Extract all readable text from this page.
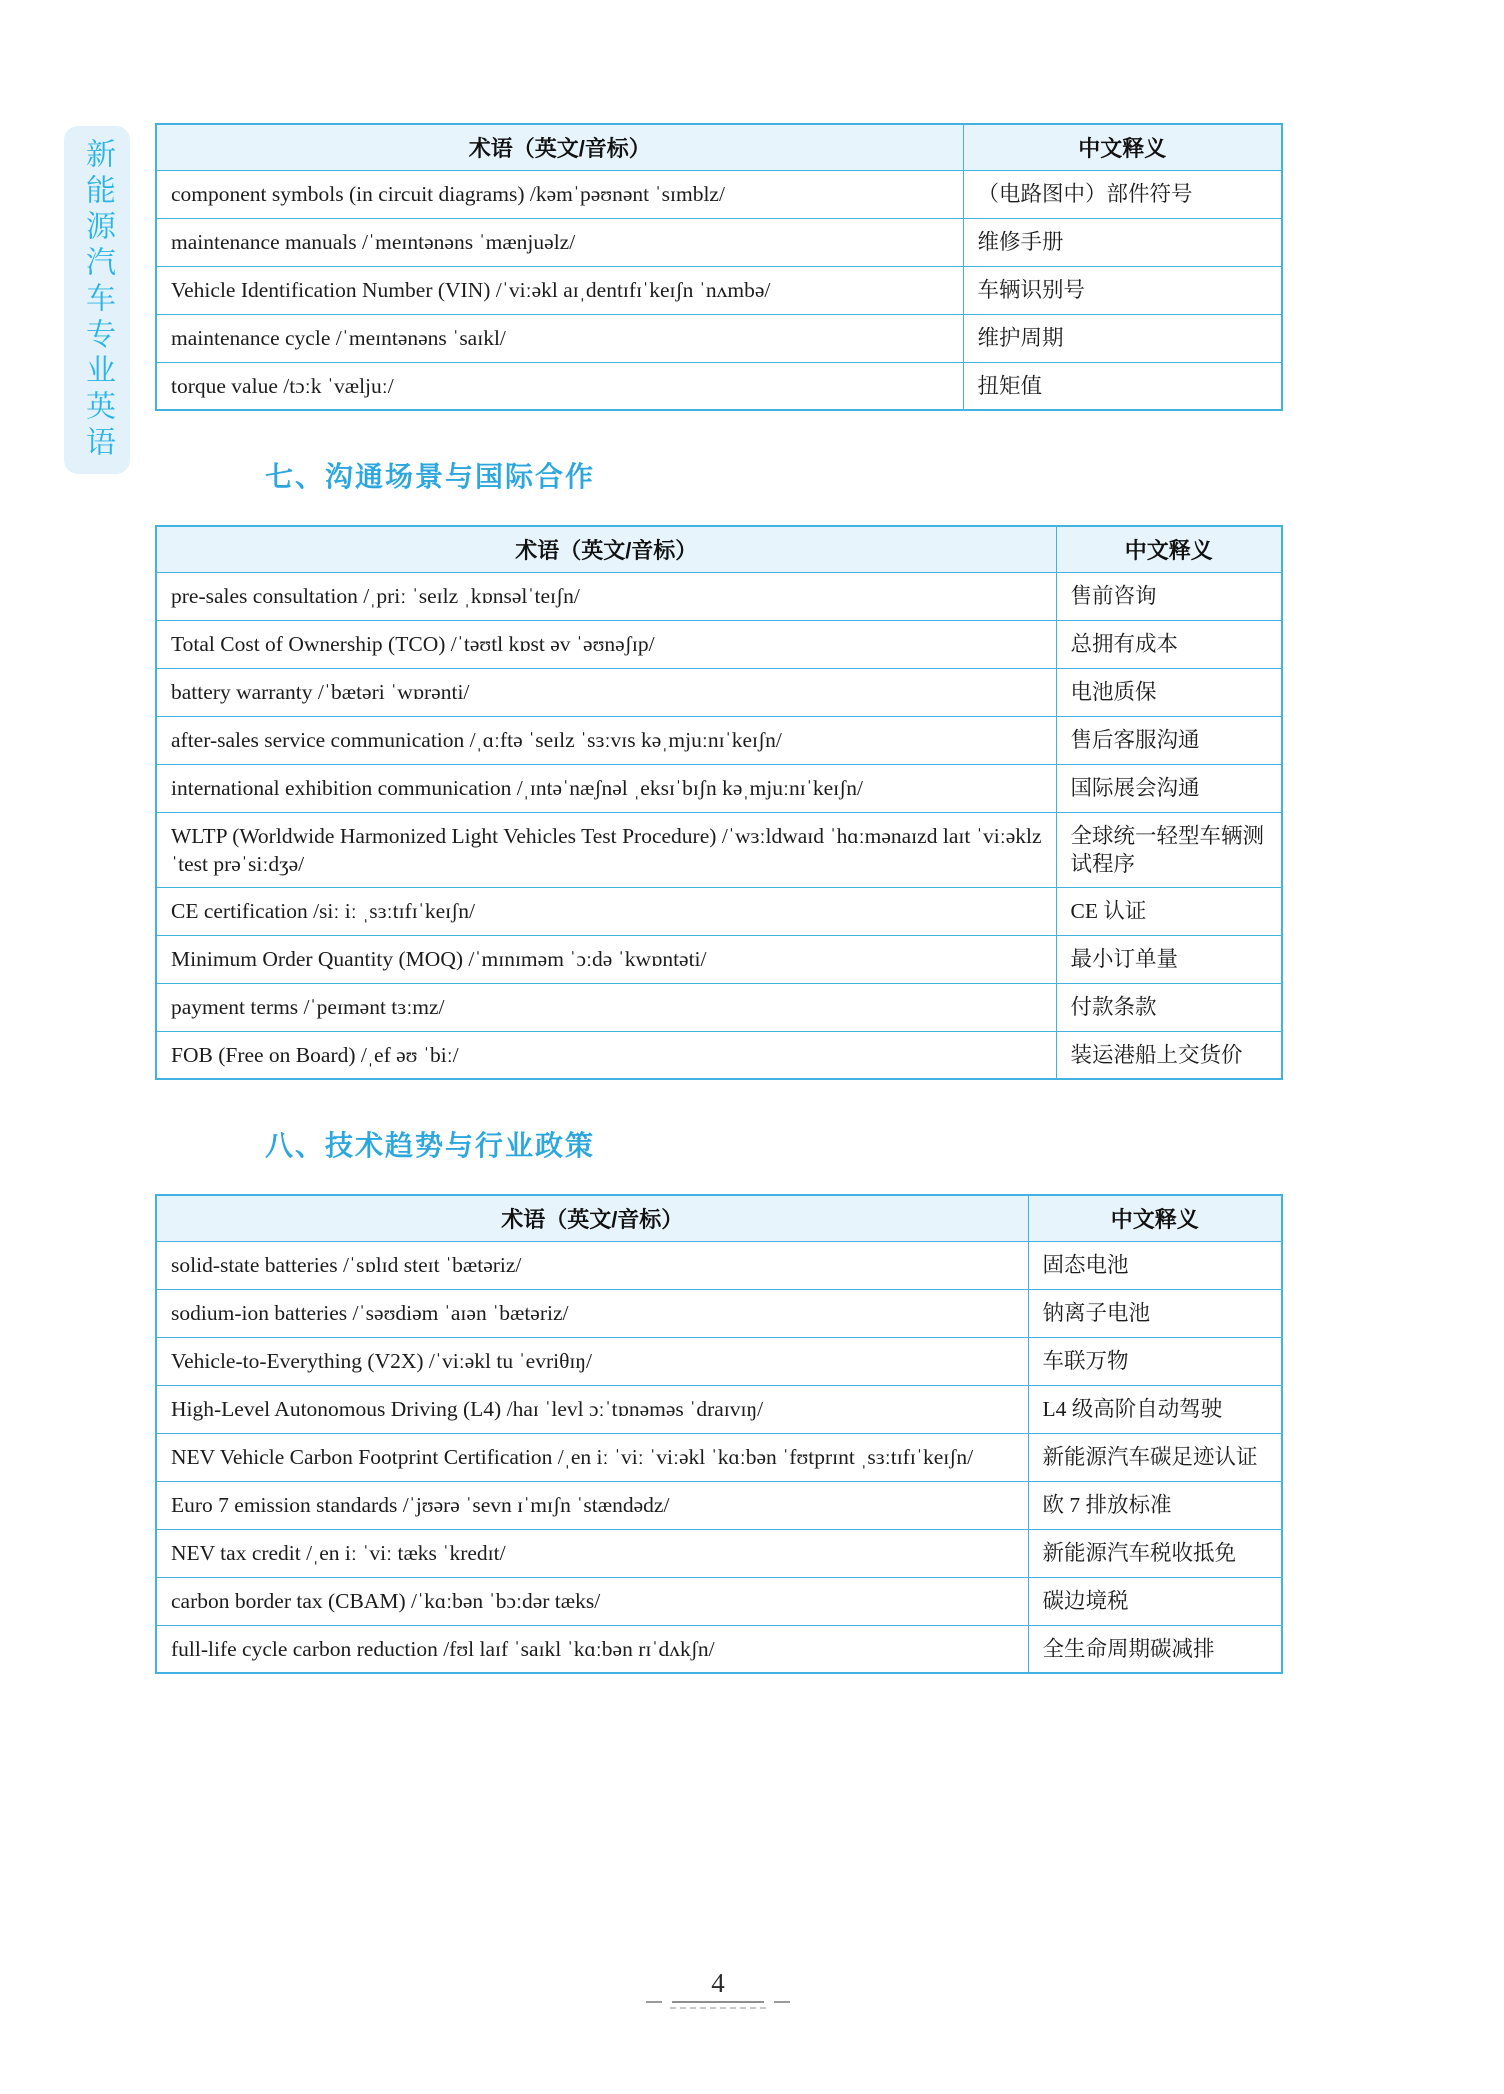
新能源汽车专业英语	术语（英文/音标）	中文释义
component symbols (in circuit diagrams) /kəmˈpəʊnənt ˈsɪmblz/	（电路图中）部件符号
maintenance manuals /ˈmeɪntənəns ˈmænjuəlz/	维修手册
Vehicle Identification Number (VIN) /ˈviːəkl aɪˌdentɪfɪˈkeɪʃn ˈnʌmbə/	车辆识别号
maintenance cycle /ˈmeɪntənəns ˈsaɪkl/	维护周期
torque value /tɔːk ˈvæljuː/	扭矩值
七、沟通场景与国际合作
术语（英文/音标）	中文释义
pre-sales consultation /ˌpriː ˈseɪlz ˌkɒnsəlˈteɪʃn/	售前咨询
Total Cost of Ownership (TCO) /ˈtəʊtl kɒst əv ˈəʊnəʃɪp/	总拥有成本
battery warranty /ˈbætəri ˈwɒrənti/	电池质保
after-sales service communication /ˌɑːftə ˈseɪlz ˈsɜːvɪs kəˌmjuːnɪˈkeɪʃn/	售后客服沟通
international exhibition communication /ˌɪntəˈnæʃnəl ˌeksɪˈbɪʃn kəˌmjuːnɪˈkeɪʃn/	国际展会沟通
WLTP (Worldwide Harmonized Light Vehicles Test Procedure) /ˈwɜːldwaɪd ˈhɑːmənaɪzd laɪt ˈviːəklz ˈtest prəˈsiːdʒə/	全球统一轻型车辆测试程序
CE certification /siː iː ˌsɜːtɪfɪˈkeɪʃn/	CE 认证
Minimum Order Quantity (MOQ) /ˈmɪnɪməm ˈɔːdə ˈkwɒntəti/	最小订单量
payment terms /ˈpeɪmənt tɜːmz/	付款条款
FOB (Free on Board) /ˌef əʊ ˈbiː/	装运港船上交货价
八、技术趋势与行业政策
术语（英文/音标）	中文释义
solid-state batteries /ˈsɒlɪd steɪt ˈbætəriz/	固态电池
sodium-ion batteries /ˈsəʊdiəm ˈaɪən ˈbætəriz/	钠离子电池
Vehicle-to-Everything (V2X) /ˈviːəkl tu ˈevriθɪŋ/	车联万物
High-Level Autonomous Driving (L4) /haɪ ˈlevl ɔːˈtɒnəməs ˈdraɪvɪŋ/	L4 级高阶自动驾驶
NEV Vehicle Carbon Footprint Certification /ˌen iː ˈviː ˈviːəkl ˈkɑːbən ˈfʊtprɪnt ˌsɜːtɪfɪˈkeɪʃn/	新能源汽车碳足迹认证
Euro 7 emission standards /ˈjʊərə ˈsevn ɪˈmɪʃn ˈstændədz/	欧 7 排放标准
NEV tax credit /ˌen iː ˈviː tæks ˈkredɪt/	新能源汽车税收抵免
carbon border tax (CBAM) /ˈkɑːbən ˈbɔːdər tæks/	碳边境税
full-life cycle carbon reduction /fʊl laɪf ˈsaɪkl ˈkɑːbən rɪˈdʌkʃn/	全生命周期碳减排
4
